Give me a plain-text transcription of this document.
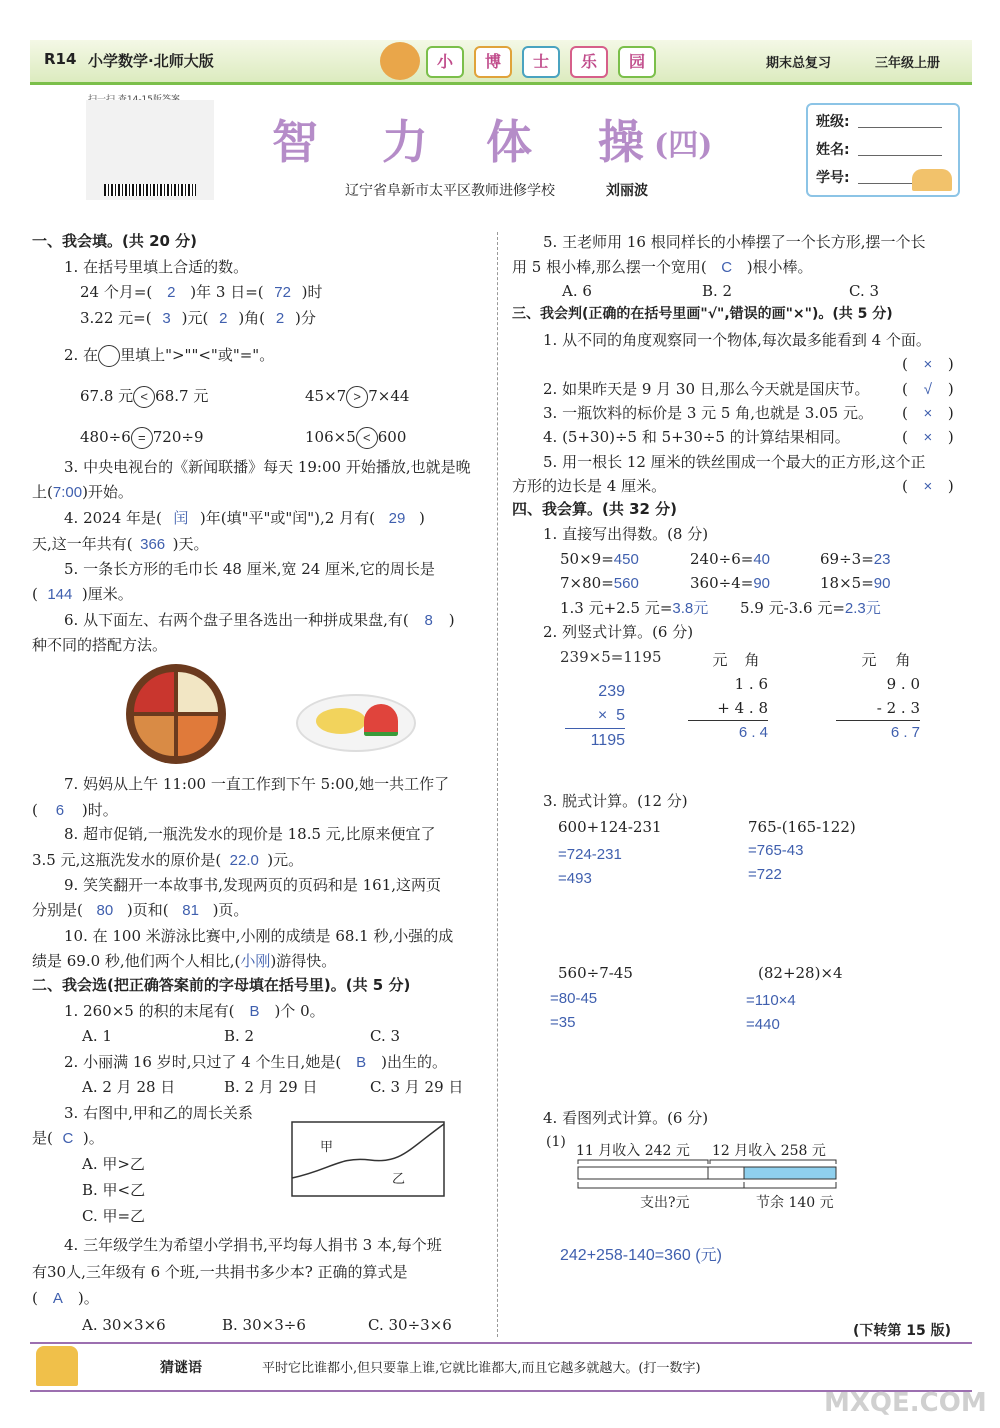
R14 小学数学·北师大版	小	博	士	乐	园	期末总复习	三年级上册
智 力 体 操 (四)
辽宁省阜新市太平区教师进修学校	刘丽波
班级:
姓名:
学号:
一、我会填。(共 20 分)
1. 在括号里填上合适的数。
24 个月=( 2 )年 3 日=( 72 )时
3.22 元=( 3 )元( 2 )角( 2 )分
2. 在 里填上">""<"或"="。
67.8 元 < 68.7 元	45×7 > 7×44
480÷6 = 720÷9	106×5 < 600
3. 中央电视台的《新闻联播》每天 19:00 开始播放,也就是晚
上(7:00)开始。
4. 2024 年是( 闰 )年(填"平"或"闰"),2 月有( 29 )
天,这一年共有( 366 )天。
5. 一条长方形的毛巾长 48 厘米,宽 24 厘米,它的周长是
( 144 )厘米。
6. 从下面左、右两个盘子里各选出一种拼成果盘,有( 8 )
种不同的搭配方法。
7. 妈妈从上午 11:00 一直工作到下午 5:00,她一共工作了
( 6 )时。
8. 超市促销,一瓶洗发水的现价是 18.5 元,比原来便宜了
3.5 元,这瓶洗发水的原价是( 22.0 )元。
9. 笑笑翻开一本故事书,发现两页的页码和是 161,这两页
分别是( 80 )页和( 81 )页。
10. 在 100 米游泳比赛中,小刚的成绩是 68.1 秒,小强的成
绩是 69.0 秒,他们两个人相比,(小刚)游得快。
二、我会选(把正确答案前的字母填在括号里)。(共 5 分)
1. 260×5 的积的末尾有( B )个 0。
A. 1	B. 2	C. 3
2. 小丽满 16 岁时,只过了 4 个生日,她是( B )出生的。
A. 2 月 28 日	B. 2 月 29 日	C. 3 月 29 日
3. 右图中,甲和乙的周长关系
是( C )。
A. 甲>乙
B. 甲<乙
C. 甲=乙
甲
乙
4. 三年级学生为希望小学捐书,平均每人捐书 3 本,每个班
有30人,三年级有 6 个班,一共捐书多少本? 正确的算式是
( A )。
A. 30×3×6	B. 30×3÷6	C. 30÷3×6
5. 王老师用 16 根同样长的小棒摆了一个长方形,摆一个长
用 5 根小棒,那么摆一个宽用( C )根小棒。
A. 6	B. 2	C. 3
三、我会判(正确的在括号里画"√",错误的画"×")。(共 5 分)
1. 从不同的角度观察同一个物体,每次最多能看到 4 个面。
( × )
2. 如果昨天是 9 月 30 日,那么今天就是国庆节。 ( √ )
3. 一瓶饮料的标价是 3 元 5 角,也就是 3.05 元。 ( × )
4. (5+30)÷5 和 5+30÷5 的计算结果相同。	( × )
5. 用一根长 12 厘米的铁丝围成一个最大的正方形,这个正
方形的边长是 4 厘米。	( × )
四、我会算。(共 32 分)
1. 直接写出得数。(8 分)
50×9=450	240÷6=40	69÷3=23
7×80=560	360÷4=90	18×5=90
1.3 元+2.5 元=3.8元 5.9 元-3.6 元=2.3元
2. 列竖式计算。(6 分)
239×5=1195
239
×  5
1195
元 角
1 . 6
+ 4 . 8
6 . 4
元 角
9 . 0
- 2 . 3
6 . 7
3. 脱式计算。(12 分)
600+124-231
=724-231
=493
765-(165-122)
=765-43
=722
560÷7-45
=80-45
=35
(82+28)×4
=110×4
=440
4. 看图列式计算。(6 分)
(1)
11 月收入 242 元 12 月收入 258 元
支出?元	节余 140 元
242+258-140=360 (元)
(下转第 15 版)
猜谜语	平时它比谁都小,但只要靠上谁,它就比谁都大,而且它越多就越大。(打一数字)
MXQE.COM
